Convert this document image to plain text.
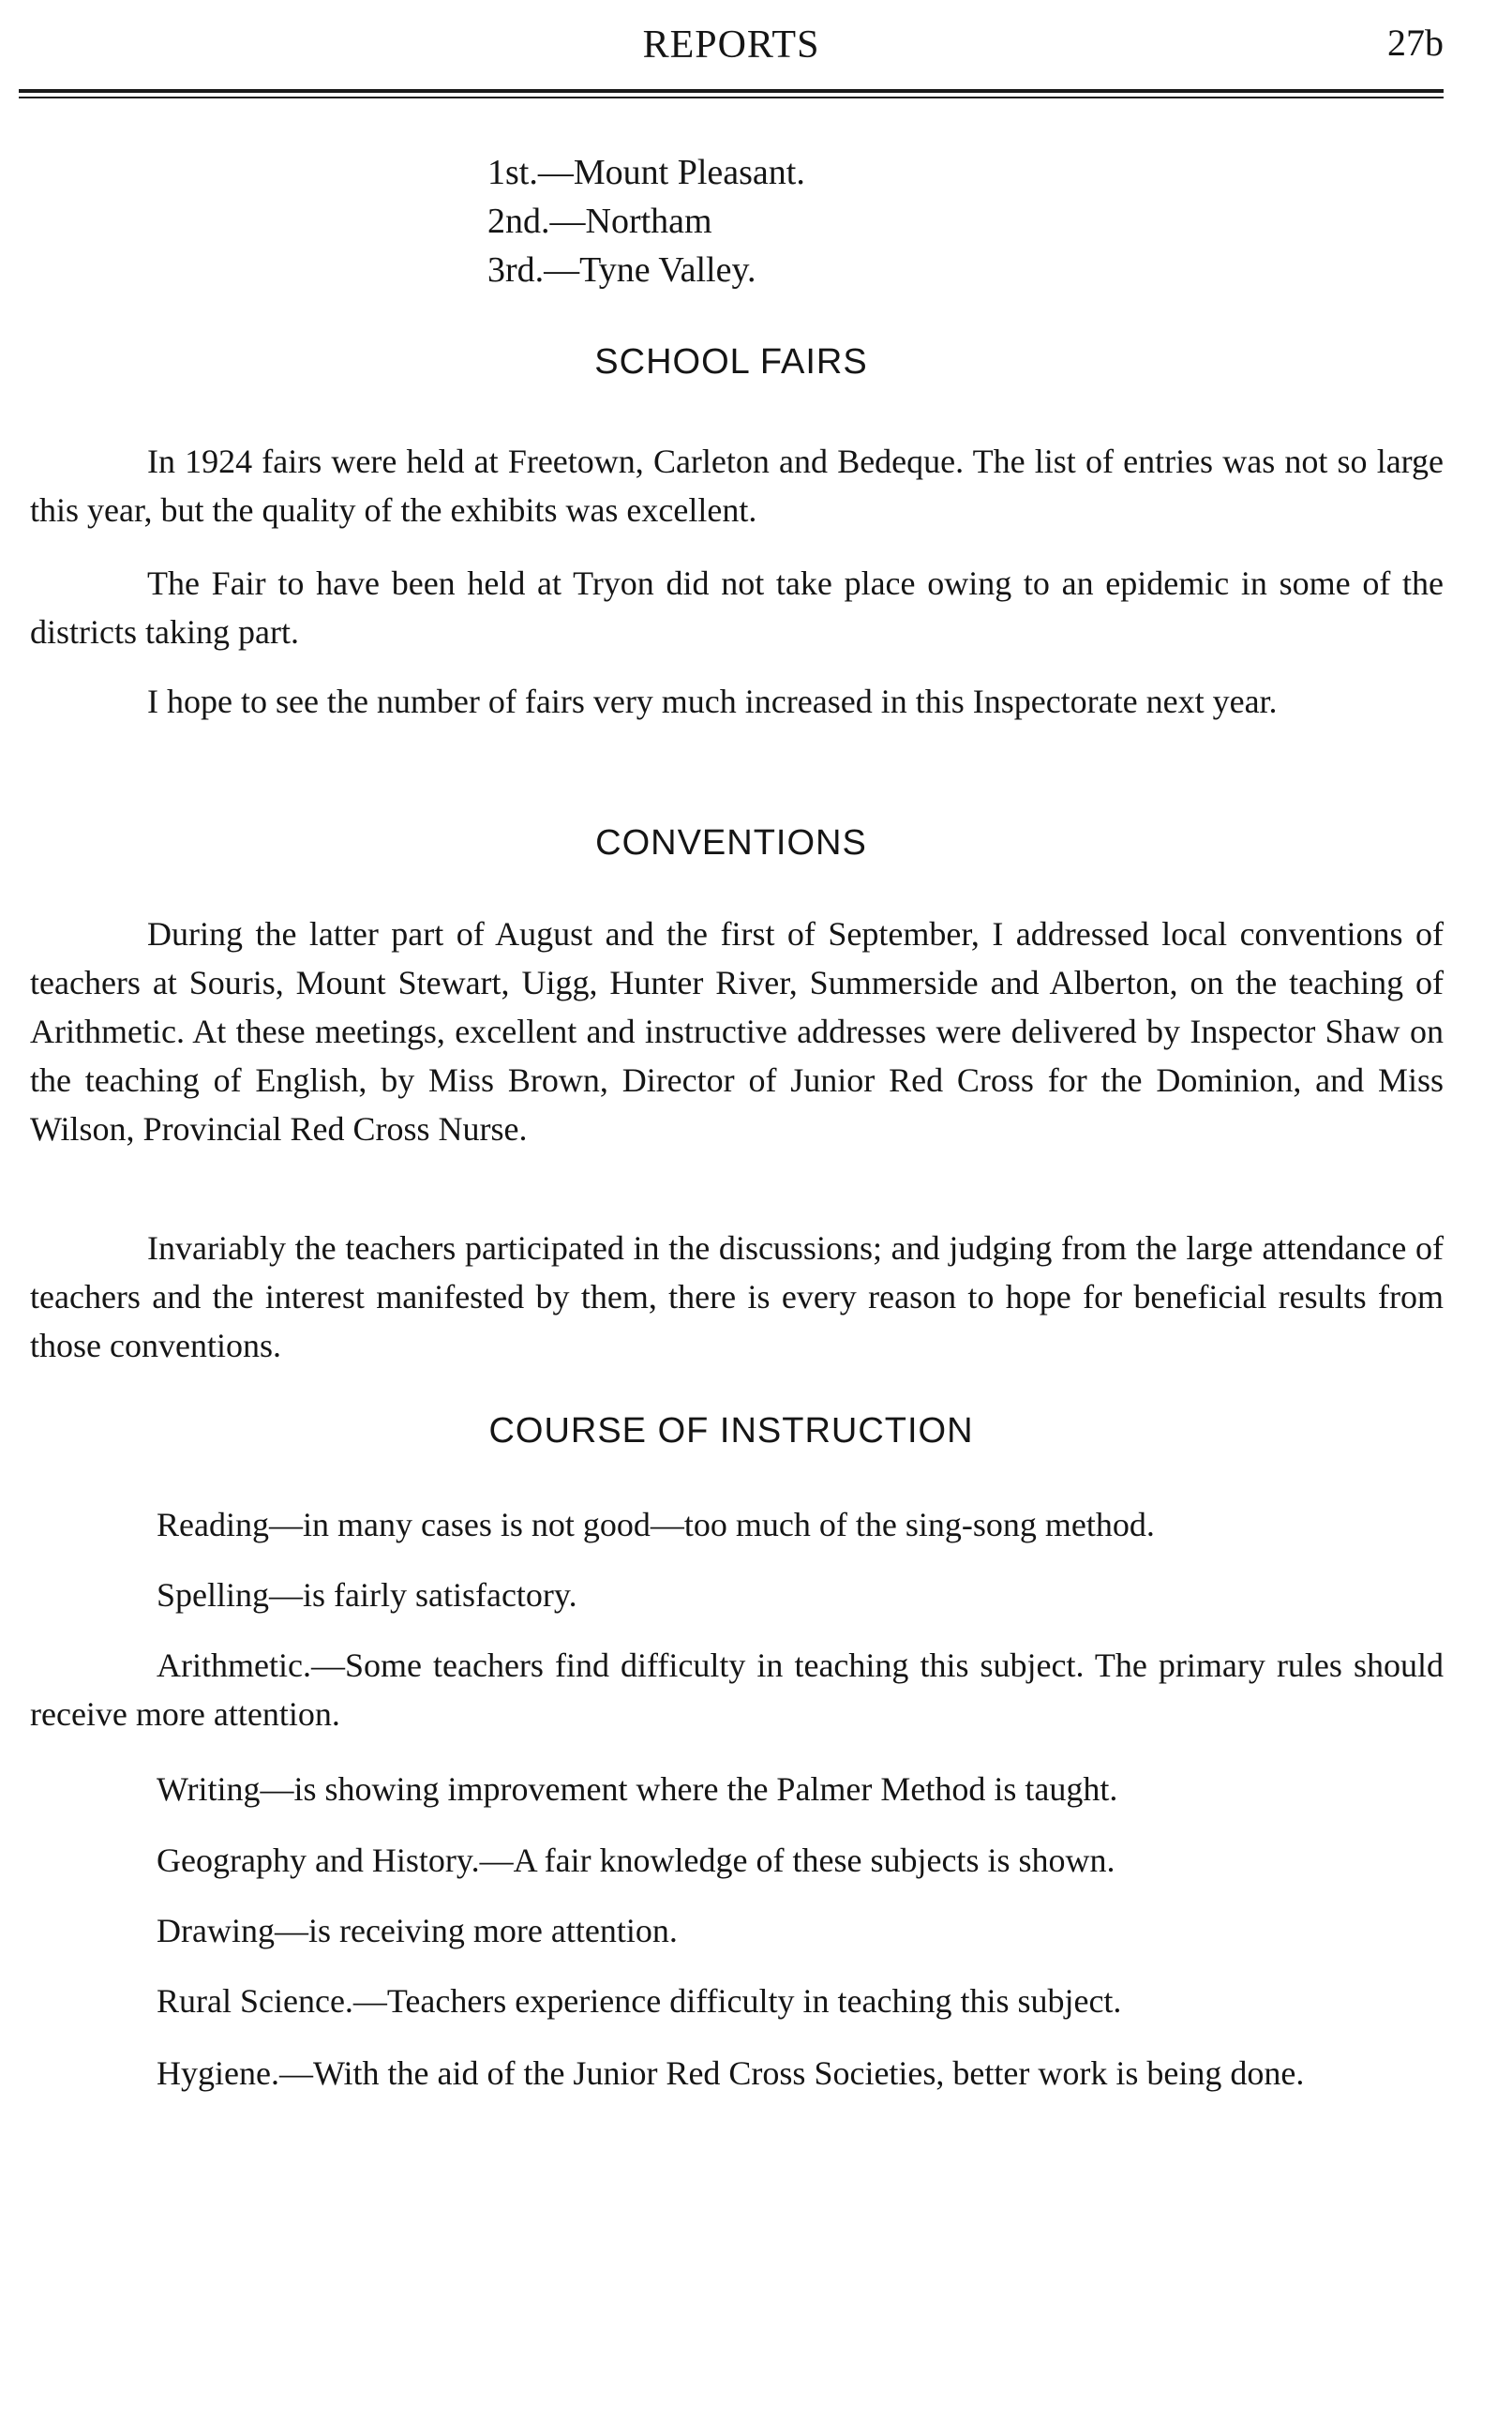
REPORTS	27b
1st.—Mount Pleasant.
2nd.—Northam
3rd.—Tyne Valley.
SCHOOL FAIRS

In 1924 fairs were held at Freetown, Carleton and Bedeque. The list of entries was not so large this year, but the quality of the exhibits was excellent.

The Fair to have been held at Tryon did not take place owing to an epidemic in some of the districts taking part.

I hope to see the number of fairs very much increased in this Inspectorate next year.

CONVENTIONS

During the latter part of August and the first of September, I addressed local conventions of teachers at Souris, Mount Stewart, Uigg, Hunter River, Summerside and Alberton, on the teaching of Arithmetic. At these meetings, excellent and instructive addresses were delivered by Inspector Shaw on the teaching of English, by Miss Brown, Director of Junior Red Cross for the Dominion, and Miss Wilson, Provincial Red Cross Nurse.

Invariably the teachers participated in the discussions; and judging from the large attendance of teachers and the interest manifested by them, there is every reason to hope for beneficial results from those conventions.

COURSE OF INSTRUCTION

Reading—in many cases is not good—too much of the sing-song method.

Spelling—is fairly satisfactory.

Arithmetic.—Some teachers find difficulty in teaching this subject. The primary rules should receive more attention.

Writing—is showing improvement where the Palmer Method is taught.

Geography and History.—A fair knowledge of these subjects is shown.

Drawing—is receiving more attention.

Rural Science.—Teachers experience difficulty in teaching this subject.

Hygiene.—With the aid of the Junior Red Cross Societies, better work is being done.
